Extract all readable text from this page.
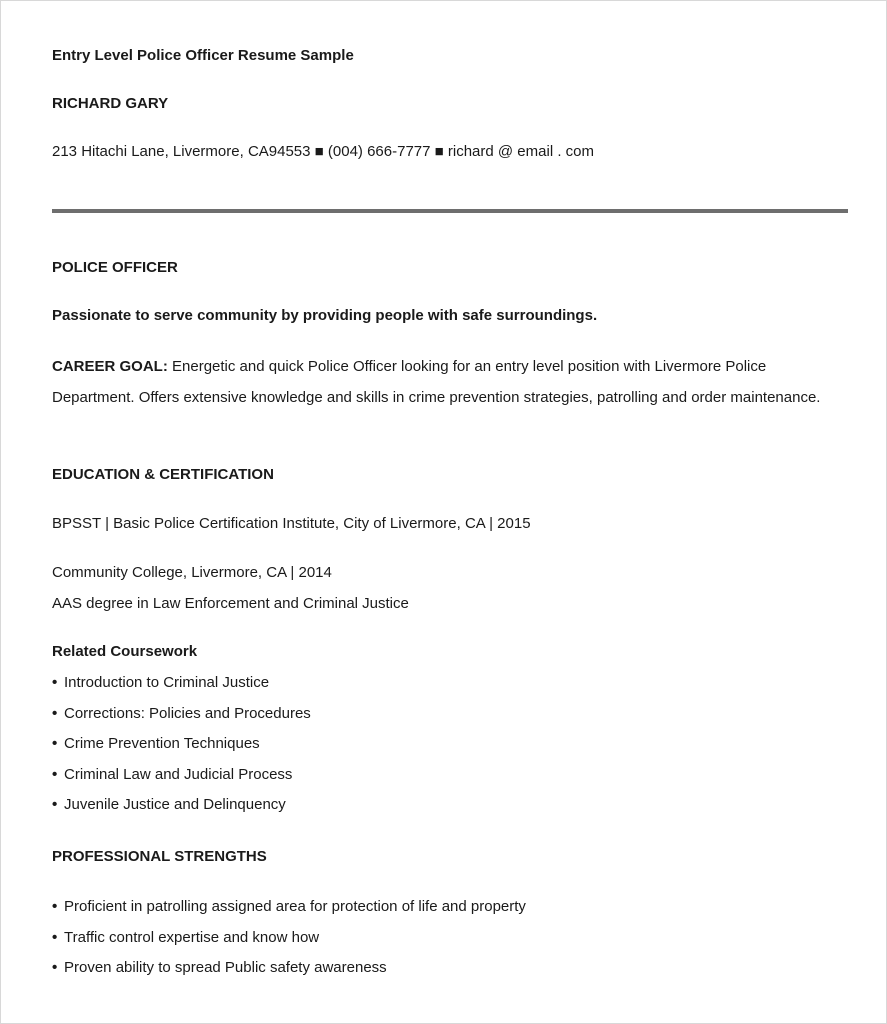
Entry Level Police Officer Resume Sample

RICHARD GARY

213 Hitachi Lane, Livermore, CA94553 ■ (004) 666-7777 ■ richard @ email . com

POLICE OFFICER

Passionate to serve community by providing people with safe surroundings.

CAREER GOAL: Energetic and quick Police Officer looking for an entry level position with Livermore Police Department. Offers extensive knowledge and skills in crime prevention strategies, patrolling and order maintenance.

EDUCATION & CERTIFICATION

BPSST | Basic Police Certification Institute, City of Livermore, CA | 2015

Community College, Livermore, CA | 2014

AAS degree in Law Enforcement and Criminal Justice

Related Coursework

• Introduction to Criminal Justice
• Corrections: Policies and Procedures
• Crime Prevention Techniques
• Criminal Law and Judicial Process
• Juvenile Justice and Delinquency

PROFESSIONAL STRENGTHS

• Proficient in patrolling assigned area for protection of life and property
• Traffic control expertise and know how
• Proven ability to spread Public safety awareness
